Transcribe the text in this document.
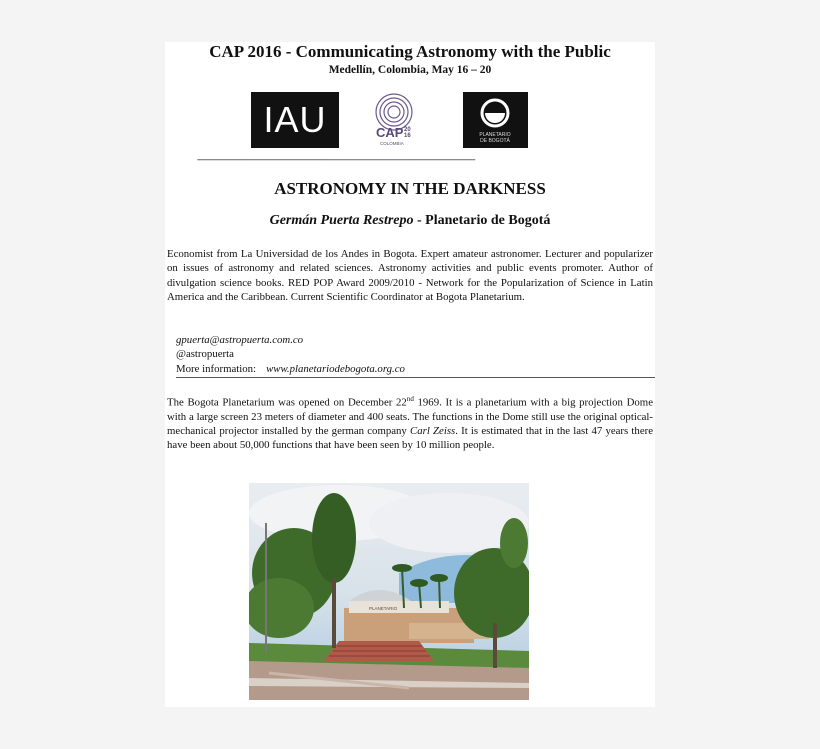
CAP 2016 - Communicating Astronomy with the Public
Medellín, Colombia, May 16 – 20
IAU	CAP 20
16
COLOMBIA
PLANETARIO
DE BOGOTÁ
-------------------------------------------------------------------------------------------------------------------------------------------
ASTRONOMY IN THE DARKNESS
Germán Puerta Restrepo - Planetario de Bogotá
Economist from La Universidad de los Andes in Bogota. Expert amateur astronomer. Lecturer and popularizer on issues of astronomy and related sciences. Astronomy activities and public events promoter. Author of divulgation science books. RED POP Award 2009/2010 - Network for the Popularization of Science in Latin America and the Caribbean. Current Scientific Coordinator at Bogota Planetarium.
gpuerta@astropuerta.com.co
@astropuerta
More information: www.planetariodebogota.org.co
The Bogota Planetarium was opened on December 22nd 1969. It is a planetarium with a big projection Dome with a large screen 23 meters of diameter and 400 seats. The functions in the Dome still use the original optical-mechanical projector installed by the german company Carl Zeiss. It is estimated that in the last 47 years there have been about 50,000 functions that have been seen by 10 million people.
PLANETARIO
